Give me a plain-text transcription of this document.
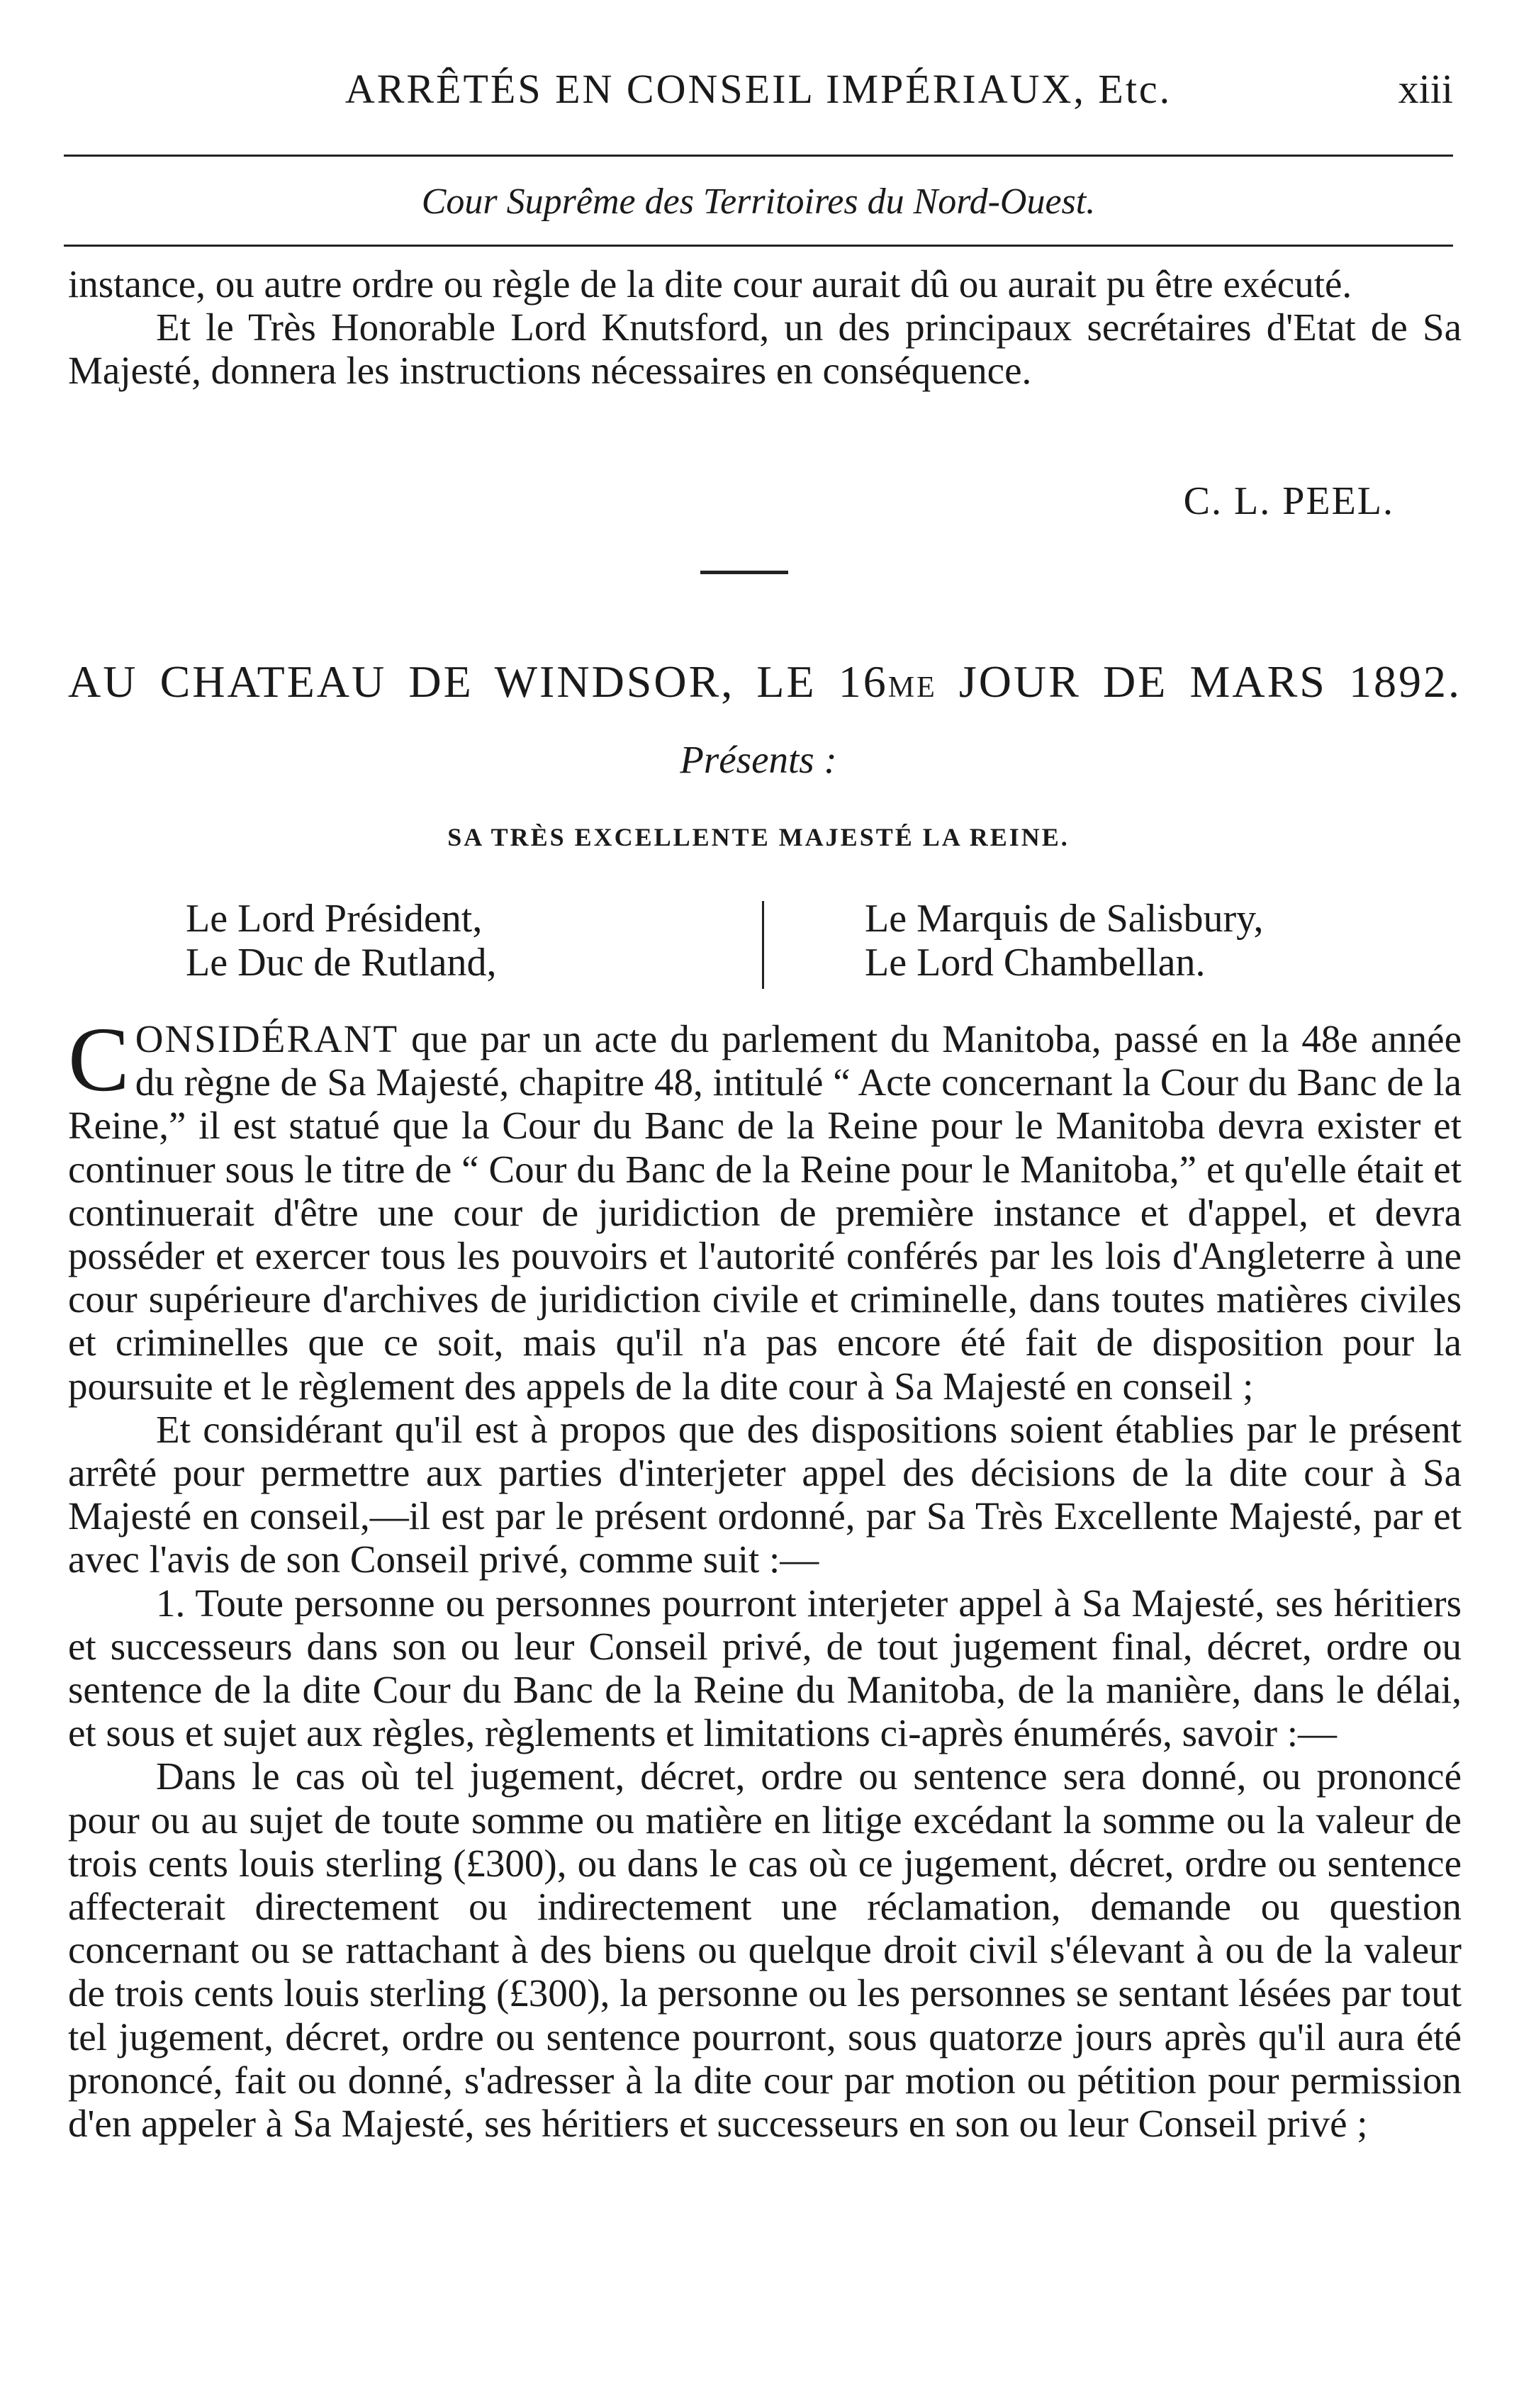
ARRÊTÉS EN CONSEIL IMPÉRIAUX, Etc.	xiii
Cour Suprême des Territoires du Nord-Ouest.

instance, ou autre ordre ou règle de la dite cour aurait dû ou aurait pu être exécuté.

Et le Très Honorable Lord Knutsford, un des principaux secrétaires d'Etat de Sa Majesté, donnera les instructions nécessaires en conséquence.

C. L. PEEL.
AU CHATEAU DE WINDSOR, LE 16ME JOUR DE MARS 1892.
Présents :
SA TRÈS EXCELLENTE MAJESTÉ LA REINE.
Le Lord Président,
Le Duc de Rutland,
Le Marquis de Salisbury,
Le Lord Chambellan.

CONSIDÉRANT que par un acte du parlement du Manitoba, passé en la 48e année du règne de Sa Majesté, chapitre 48, intitulé “ Acte concernant la Cour du Banc de la Reine,” il est statué que la Cour du Banc de la Reine pour le Manitoba devra exister et continuer sous le titre de “ Cour du Banc de la Reine pour le Manitoba,” et qu'elle était et continuerait d'être une cour de juridiction de première instance et d'appel, et devra posséder et exercer tous les pouvoirs et l'autorité conférés par les lois d'Angleterre à une cour supérieure d'archives de juridiction civile et criminelle, dans toutes matières civiles et criminelles que ce soit, mais qu'il n'a pas encore été fait de disposition pour la poursuite et le règlement des appels de la dite cour à Sa Majesté en conseil ;

Et considérant qu'il est à propos que des dispositions soient établies par le présent arrêté pour permettre aux parties d'interjeter appel des décisions de la dite cour à Sa Majesté en conseil,—il est par le présent ordonné, par Sa Très Excellente Majesté, par et avec l'avis de son Conseil privé, comme suit :—

1. Toute personne ou personnes pourront interjeter appel à Sa Majesté, ses héritiers et successeurs dans son ou leur Conseil privé, de tout jugement final, décret, ordre ou sentence de la dite Cour du Banc de la Reine du Manitoba, de la manière, dans le délai, et sous et sujet aux règles, règlements et limitations ci-après énumérés, savoir :—

Dans le cas où tel jugement, décret, ordre ou sentence sera donné, ou prononcé pour ou au sujet de toute somme ou matière en litige excédant la somme ou la valeur de trois cents louis sterling (£300), ou dans le cas où ce jugement, décret, ordre ou sentence affecterait directement ou indirectement une réclamation, demande ou question concernant ou se rattachant à des biens ou quelque droit civil s'élevant à ou de la valeur de trois cents louis sterling (£300), la personne ou les personnes se sentant lésées par tout tel jugement, décret, ordre ou sentence pourront, sous quatorze jours après qu'il aura été prononcé, fait ou donné, s'adresser à la dite cour par motion ou pétition pour permission d'en appeler à Sa Majesté, ses héritiers et successeurs en son ou leur Conseil privé ;
